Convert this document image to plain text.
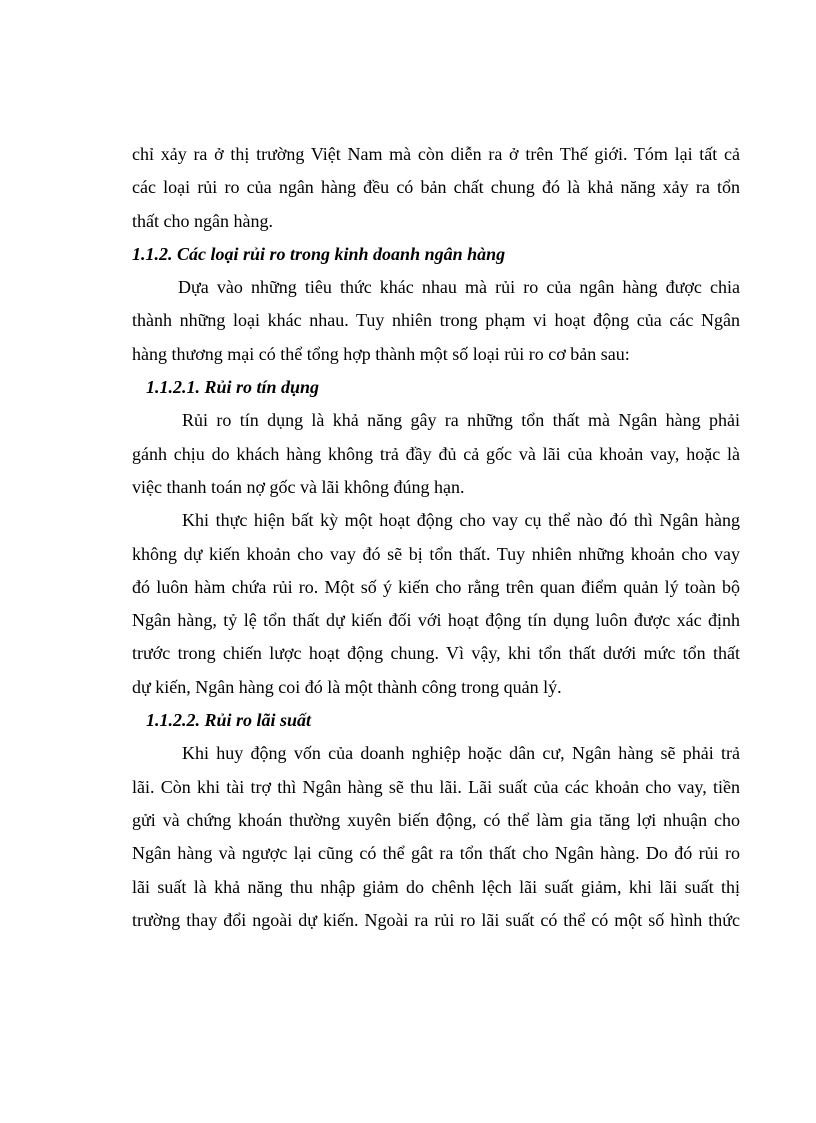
chỉ xảy ra ở thị trường Việt Nam mà còn diễn ra ở trên Thế giới. Tóm lại tất cả
các loại rủi ro của ngân hàng đều có bản chất chung đó là khả năng xảy ra tổn
thất cho ngân hàng.
1.1.2. Các loại rủi ro trong kinh doanh ngân hàng
Dựa vào những tiêu thức khác nhau mà rủi ro của ngân hàng được chia
thành những loại khác nhau. Tuy nhiên trong phạm vi hoạt động của các Ngân
hàng thương mại có thể tổng hợp thành một số loại rủi ro cơ bản sau:
1.1.2.1. Rủi ro tín dụng
Rủi ro tín dụng là khả năng gây ra những tổn thất mà Ngân hàng phải
gánh chịu do khách hàng không trả đầy đủ cả gốc và lãi của khoản vay, hoặc là
việc thanh toán nợ gốc và lãi không đúng hạn.
Khi thực hiện bất kỳ một hoạt động cho vay cụ thể nào đó thì Ngân hàng
không dự kiến khoản cho vay đó sẽ bị tổn thất. Tuy nhiên những khoản cho vay
đó luôn hàm chứa rủi ro. Một số ý kiến cho rằng trên quan điểm quản lý toàn bộ
Ngân hàng, tỷ lệ tổn thất dự kiến đối với hoạt động tín dụng luôn được xác định
trước trong chiến lược hoạt động chung. Vì vậy, khi tổn thất dưới mức tổn thất
dự kiến, Ngân hàng coi đó là một thành công trong quản lý.
1.1.2.2. Rủi ro lãi suất
Khi huy động vốn của doanh nghiệp hoặc dân cư, Ngân hàng sẽ phải trả
lãi. Còn khi tài trợ thì Ngân hàng sẽ thu lãi. Lãi suất của các khoản cho vay, tiền
gửi và chứng khoán thường xuyên biến động, có thể làm gia tăng lợi nhuận cho
Ngân hàng và ngược lại cũng có thể gât ra tổn thất cho Ngân hàng. Do đó rủi ro
lãi suất là khả năng thu nhập giảm do chênh lệch lãi suất giảm, khi lãi suất thị
trường thay đổi ngoài dự kiến. Ngoài ra rủi ro lãi suất có thể có một số hình thức
